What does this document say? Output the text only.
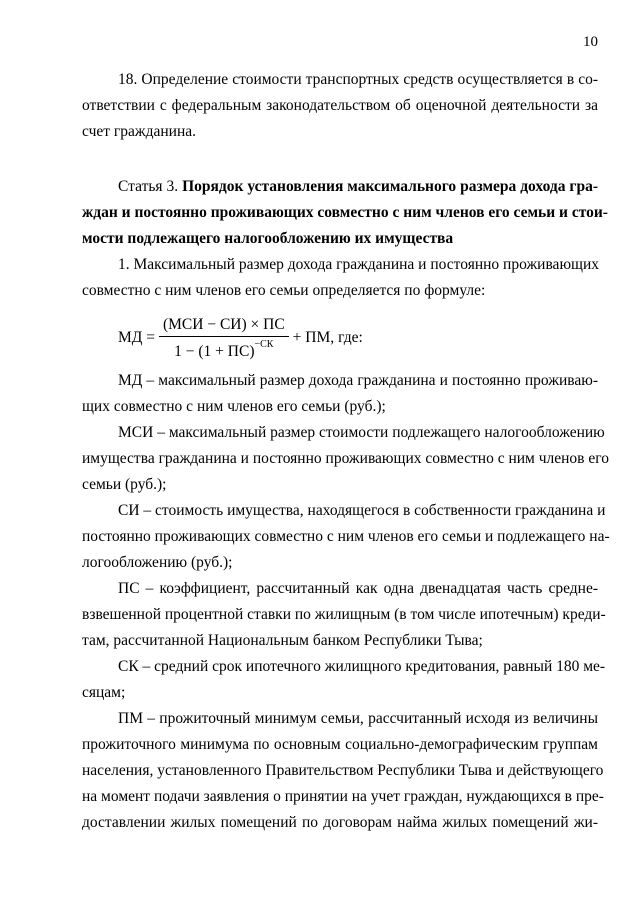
10
18. Определение стоимости транспортных средств осуществляется в со-
ответствии с федеральным законодательством об оценочной деятельности за
счет гражданина.
Статья 3. Порядок установления максимального размера дохода гра-
ждан и постоянно проживающих совместно с ним членов его семьи и стои-
мости подлежащего налогообложению их имущества
1. Максимальный размер дохода гражданина и постоянно проживающих
совместно с ним членов его семьи определяется по формуле:
МД = $\frac{\text{(МСИ − СИ) × ПС}}{1 - (1 + ПС)^{-СК}}$ + ПМ, где:
МД – максимальный размер дохода гражданина и постоянно проживаю-
щих совместно с ним членов его семьи (руб.);
МСИ – максимальный размер стоимости подлежащего налогообложению
имущества гражданина и постоянно проживающих совместно с ним членов его
семьи (руб.);
СИ – стоимость имущества, находящегося в собственности гражданина и
постоянно проживающих совместно с ним членов его семьи и подлежащего на-
логообложению (руб.);
ПС – коэффициент, рассчитанный как одна двенадцатая часть средне-
взвешенной процентной ставки по жилищным (в том числе ипотечным) креди-
там, рассчитанной Национальным банком Республики Тыва;
СК – средний срок ипотечного жилищного кредитования, равный 180 ме-
сяцам;
ПМ – прожиточный минимум семьи, рассчитанный исходя из величины
прожиточного минимума по основным социально-демографическим группам
населения, установленного Правительством Республики Тыва и действующего
на момент подачи заявления о принятии на учет граждан, нуждающихся в пре-
доставлении жилых помещений по договорам найма жилых помещений жи-
